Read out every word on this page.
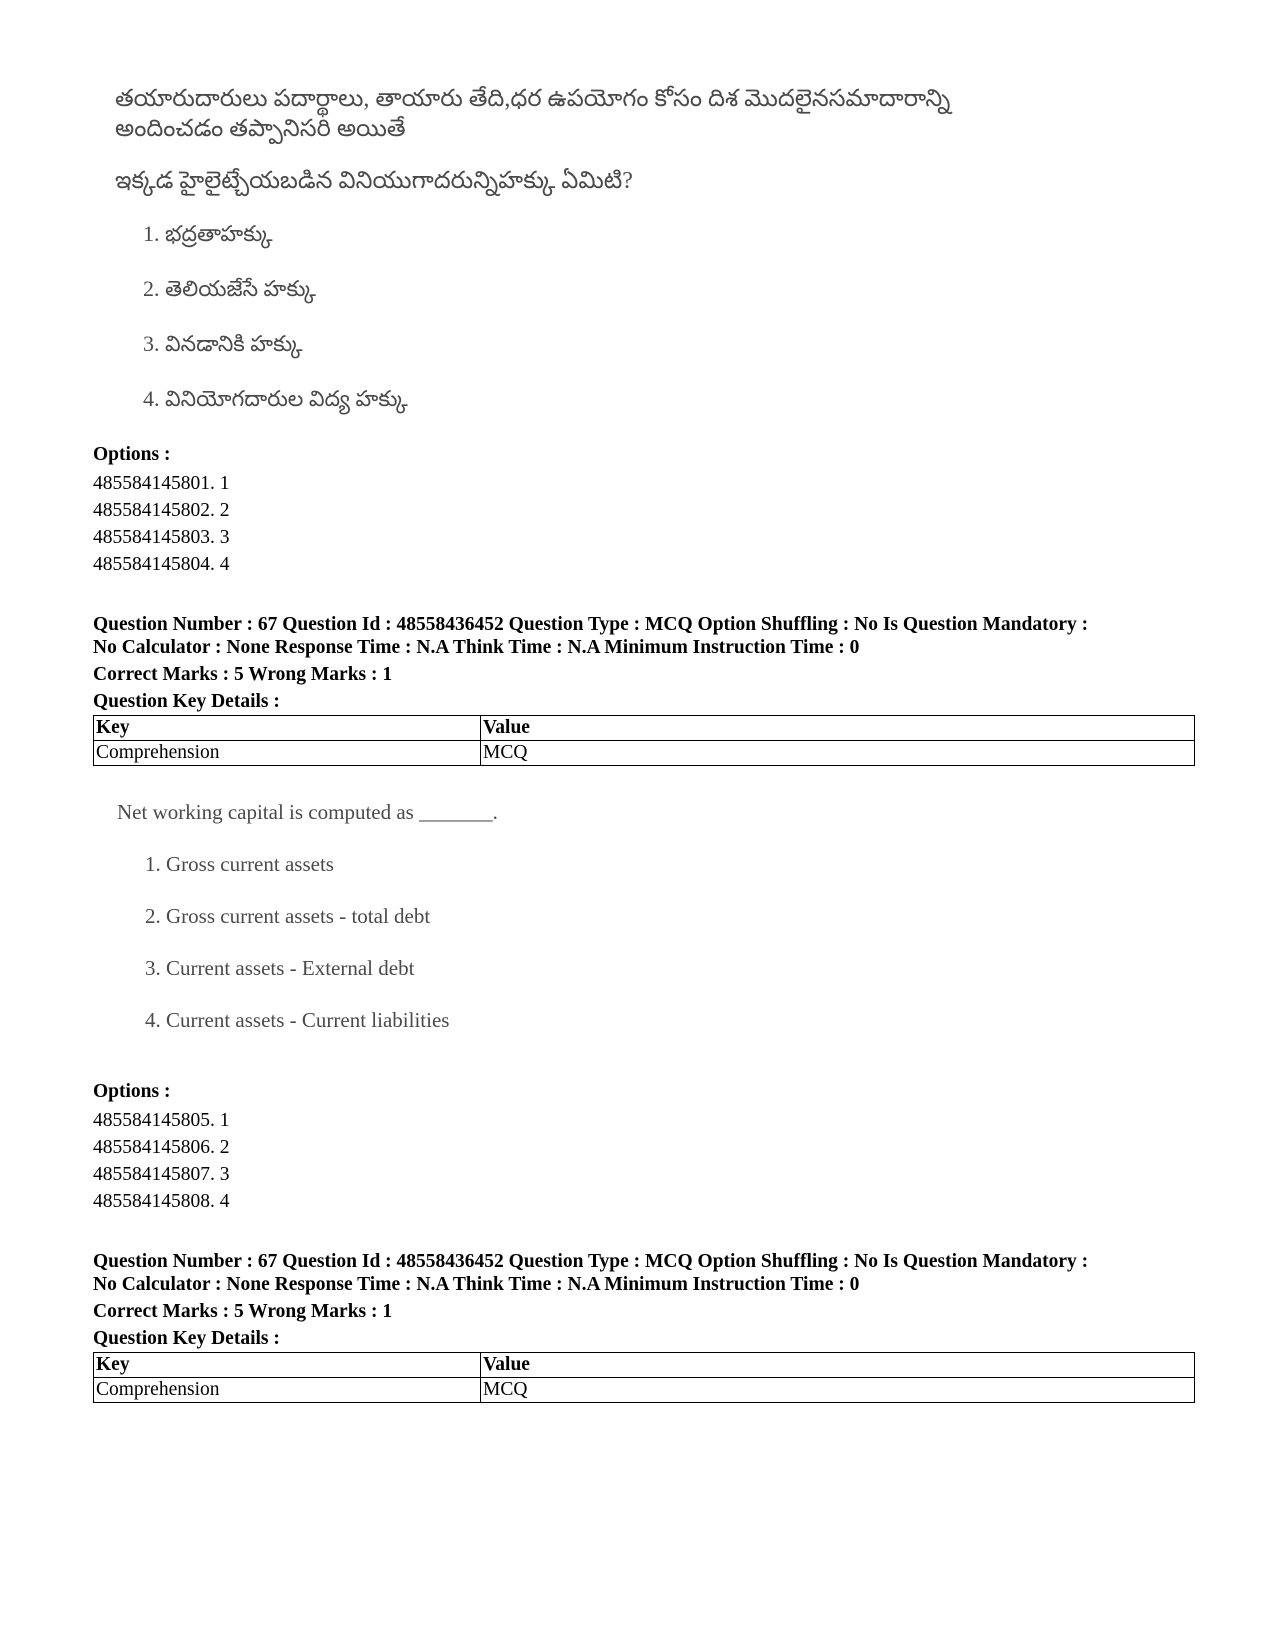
తయారుదారులు పదార్థాలు, తాయారు తేది,ధర ఉపయోగం కోసం దిశ మొదలైనసమాదారాన్ని

అందించడం తప్పానిసరి అయితే

ఇక్కడ హైలైట్చేయబడిన వినియుగాదరున్నిహక్కు ఏమిటి?

1. భద్రతాహక్కు

2. తెలియజేసే హక్కు

3. వినడానికి హక్కు

4. వినియోగదారుల విద్య హక్కు

Options :
485584145801. 1
485584145802. 2
485584145803. 3
485584145804. 4
Question Number : 67 Question Id : 48558436452 Question Type : MCQ Option Shuffling : No Is Question Mandatory :
No Calculator : None Response Time : N.A Think Time : N.A Minimum Instruction Time : 0
Correct Marks : 5 Wrong Marks : 1
Question Key Details :
Key	Value
Comprehension	MCQ

Net working capital is computed as _______.

1. Gross current assets

2. Gross current assets - total debt

3. Current assets - External debt

4. Current assets - Current liabilities

Options :
485584145805. 1
485584145806. 2
485584145807. 3
485584145808. 4
Question Number : 67 Question Id : 48558436452 Question Type : MCQ Option Shuffling : No Is Question Mandatory :
No Calculator : None Response Time : N.A Think Time : N.A Minimum Instruction Time : 0
Correct Marks : 5 Wrong Marks : 1
Question Key Details :
Key	Value
Comprehension	MCQ
